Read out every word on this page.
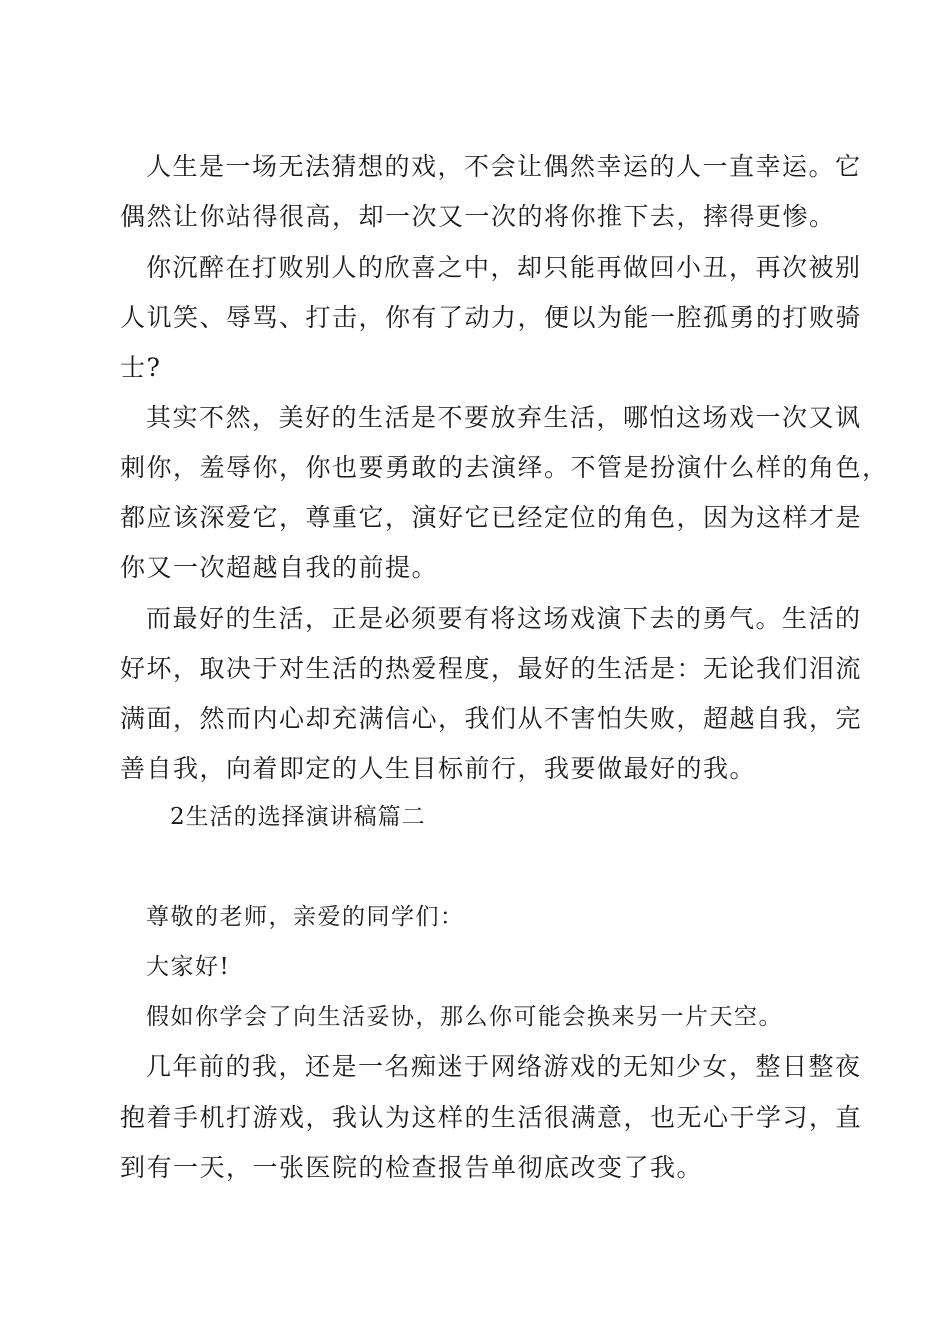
人生是一场无法猜想的戏，不会让偶然幸运的人一直幸运。它
偶然让你站得很高，却一次又一次的将你推下去，摔得更惨。
你沉醉在打败别人的欣喜之中，却只能再做回小丑，再次被别
人讥笑、辱骂、打击，你有了动力，便以为能一腔孤勇的打败骑
士?
其实不然，美好的生活是不要放弃生活，哪怕这场戏一次又讽
刺你，羞辱你，你也要勇敢的去演绎。不管是扮演什么样的角色，
都应该深爱它，尊重它，演好它已经定位的角色，因为这样才是
你又一次超越自我的前提。
而最好的生活，正是必须要有将这场戏演下去的勇气。生活的
好坏，取决于对生活的热爱程度，最好的生活是：无论我们泪流
满面，然而内心却充满信心，我们从不害怕失败，超越自我，完
善自我，向着即定的人生目标前行，我要做最好的我。
2生活的选择演讲稿篇二
尊敬的老师，亲爱的同学们：
大家好!
假如你学会了向生活妥协，那么你可能会换来另一片天空。
几年前的我，还是一名痴迷于网络游戏的无知少女，整日整夜
抱着手机打游戏，我认为这样的生活很满意，也无心于学习，直
到有一天，一张医院的检查报告单彻底改变了我。
